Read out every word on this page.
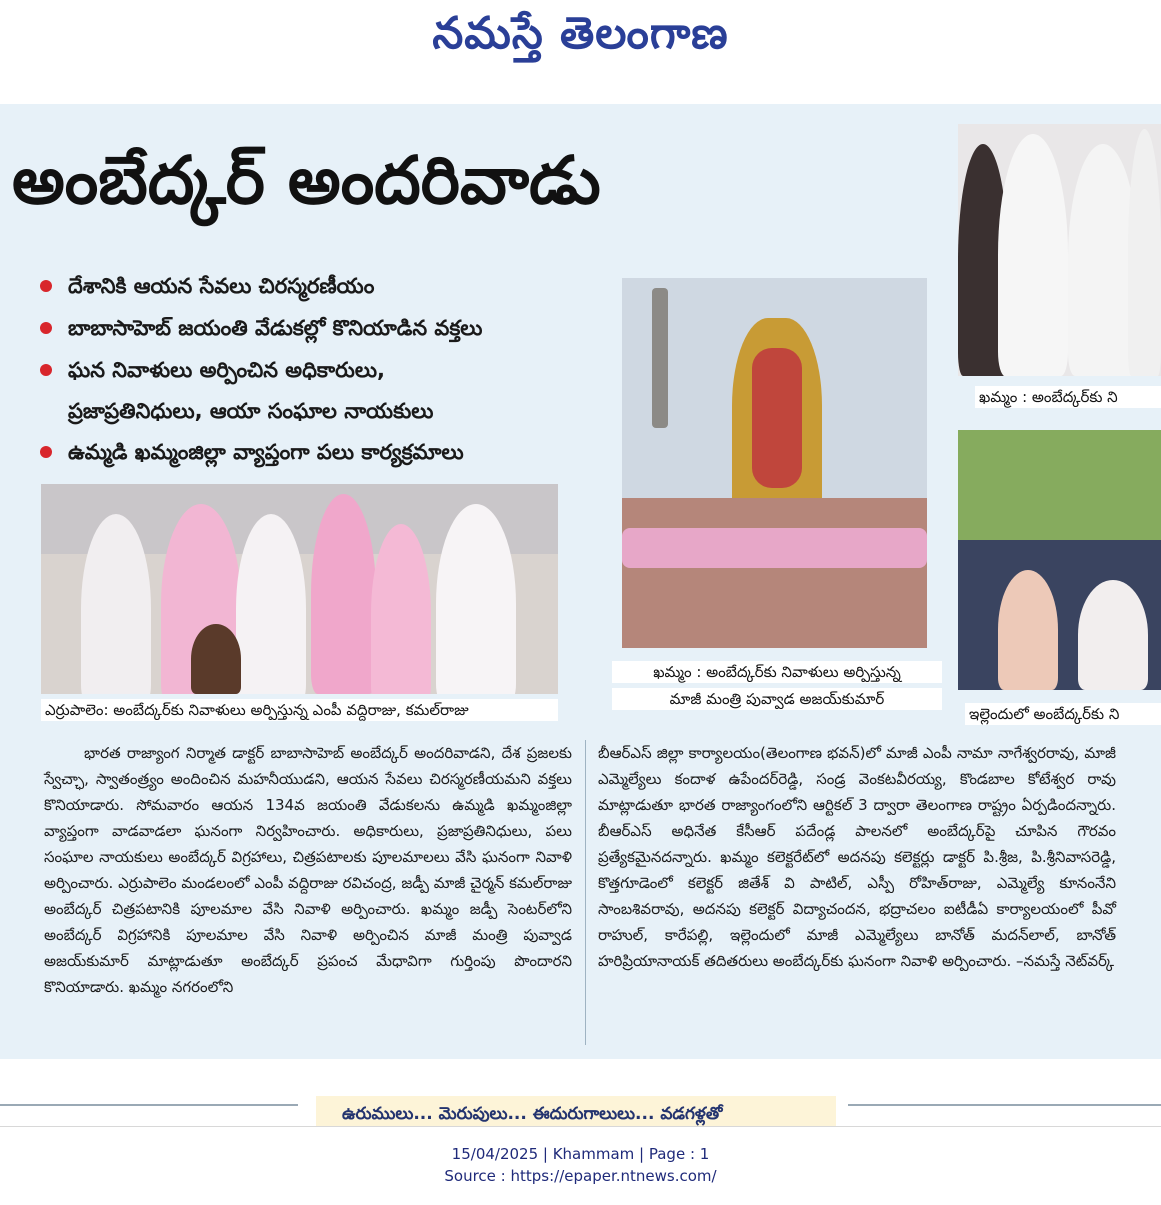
నమస్తే తెలంగాణ
అంబేద్కర్ అందరివాడు
దేశానికి ఆయన సేవలు చిరస్మరణీయం
బాబాసాహెబ్ జయంతి వేడుకల్లో కొనియాడిన వక్తలు
ఘన నివాళులు అర్పించిన అధికారులు,
ప్రజాప్రతినిధులు, ఆయా సంఘాల నాయకులు
ఉమ్మడి ఖమ్మంజిల్లా వ్యాప్తంగా పలు కార్యక్రమాలు
ఎర్రుపాలెం: అంబేద్కర్‌కు నివాళులు అర్పిస్తున్న ఎంపీ వద్దిరాజు, కమల్‌రాజు
ఖమ్మం : అంబేద్కర్‌కు నివాళులు అర్పిస్తున్న
మాజీ మంత్రి పువ్వాడ అజయ్‌కుమార్
ఖమ్మం : అంబేద్కర్‌కు ని
ఇల్లెందులో అంబేద్కర్‌కు ని

భారత రాజ్యాంగ నిర్మాత డాక్టర్ బాబాసాహెబ్ అంబేద్కర్ అందరివాడని, దేశ ప్రజలకు స్వేచ్ఛా, స్వాతంత్ర్యం అందించిన మహనీయుడని, ఆయన సేవలు చిరస్మరణీయమని వక్తలు కొనియాడారు. సోమవారం ఆయన 134వ జయంతి వేడుకలను ఉమ్మడి ఖమ్మంజిల్లా వ్యాప్తంగా వాడవాడలా ఘనంగా నిర్వహించారు. అధికారులు, ప్రజాప్రతినిధులు, పలు సంఘాల నాయకులు అంబేద్కర్ విగ్రహాలు, చిత్రపటాలకు పూలమాలలు వేసి ఘనంగా నివాళి అర్పించారు. ఎర్రుపాలెం మండలంలో ఎంపీ వద్దిరాజు రవిచంద్ర, జడ్పీ మాజీ చైర్మన్ కమల్‌రాజు అంబేద్కర్ చిత్రపటానికి పూలమాల వేసి నివాళి అర్పించారు. ఖమ్మం జడ్పీ సెంటర్‌లోని అంబేద్కర్ విగ్రహానికి పూలమాల వేసి నివాళి అర్పించిన మాజీ మంత్రి పువ్వాడ అజయ్‌కుమార్ మాట్లాడుతూ అంబేద్కర్ ప్రపంచ మేధావిగా గుర్తింపు పొందారని కొనియాడారు. ఖమ్మం నగరంలోని

బీఆర్‌ఎస్ జిల్లా కార్యాలయం(తెలంగాణ భవన్)లో మాజీ ఎంపీ నామా నాగేశ్వరరావు, మాజీ ఎమ్మెల్యేలు కందాళ ఉపేందర్‌రెడ్డి, సండ్ర వెంకటవీరయ్య, కొండబాల కోటేశ్వర రావు మాట్లాడుతూ భారత రాజ్యాంగంలోని ఆర్టికల్ 3 ద్వారా తెలంగాణ రాష్ట్రం ఏర్పడిందన్నారు. బీఆర్‌ఎస్ అధినేత కేసీఆర్ పదేండ్ల పాలనలో అంబేద్కర్‌పై చూపిన గౌరవం ప్రత్యేకమైనదన్నారు. ఖమ్మం కలెక్టరేట్‌లో అదనపు కలెక్టర్లు డాక్టర్ పి.శ్రీజ, పి.శ్రీనివాసరెడ్డి, కొత్తగూడెంలో కలెక్టర్ జితేశ్ వి పాటిల్, ఎస్పీ రోహిత్‌రాజు, ఎమ్మెల్యే కూనంనేని సాంబశివరావు, అదనపు కలెక్టర్ విద్యాచందన, భద్రాచలం ఐటీడీఏ కార్యాలయంలో పీవో రాహుల్, కారేపల్లి, ఇల్లెందులో మాజీ ఎమ్మెల్యేలు బానోత్ మదన్‌లాల్, బానోత్ హరిప్రియానాయక్ తదితరులు అంబేద్కర్‌కు ఘనంగా నివాళి అర్పించారు. –నమస్తే నెట్‌వర్క్

ఉరుములు... మెరుపులు... ఈదురుగాలులు... వడగళ్లతో
15/04/2025 | Khammam | Page : 1
Source : https://epaper.ntnews.com/
